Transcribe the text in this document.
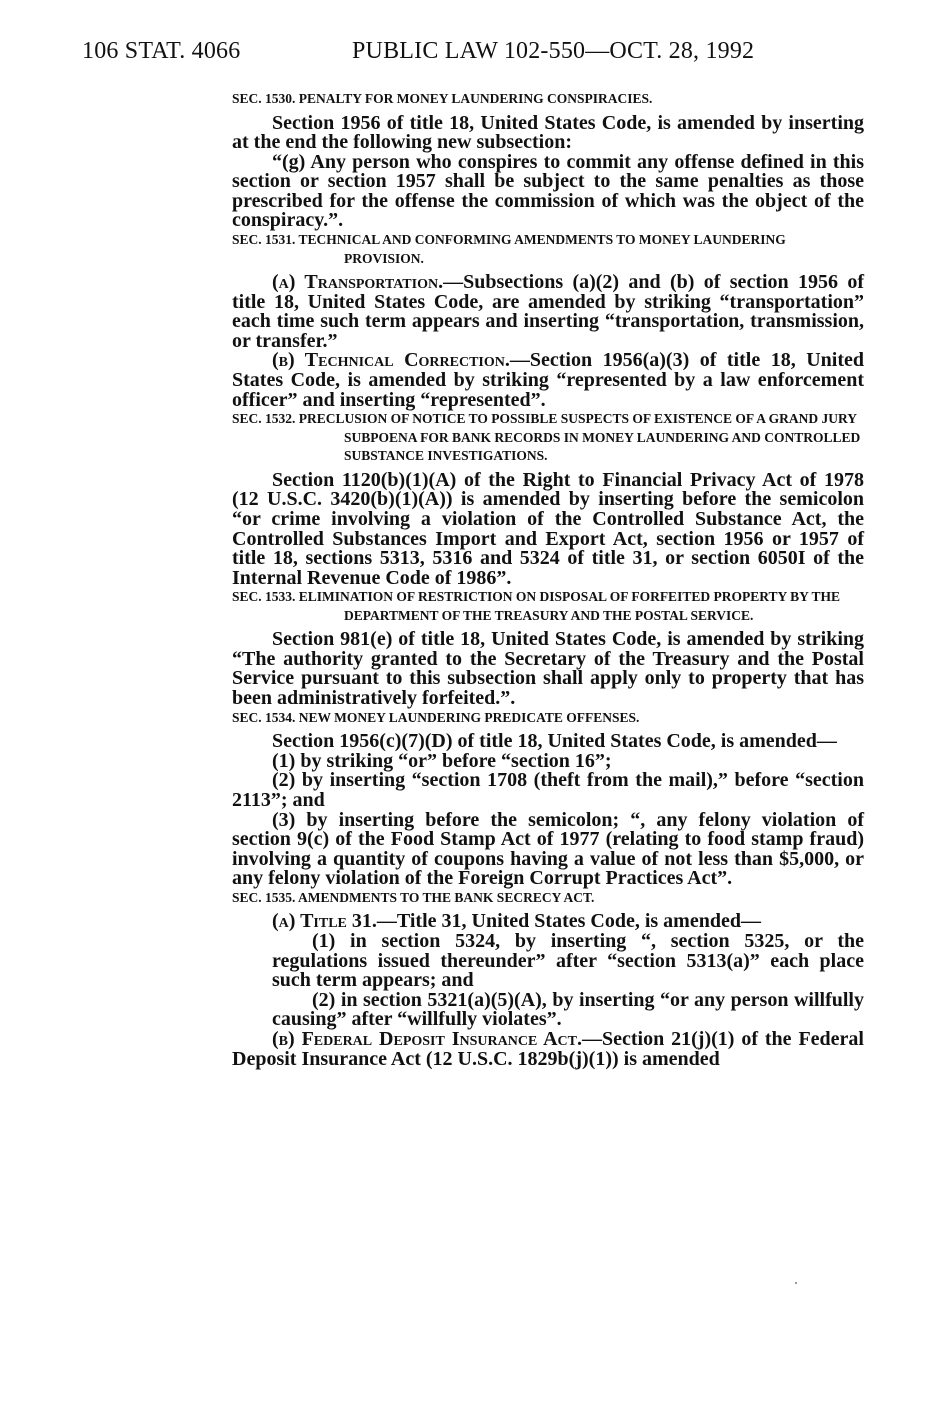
106 STAT. 4066	PUBLIC LAW 102-550—OCT. 28, 1992
SEC. 1530. PENALTY FOR MONEY LAUNDERING CONSPIRACIES.

Section 1956 of title 18, United States Code, is amended by inserting at the end the following new subsection:

“(g) Any person who conspires to commit any offense defined in this section or section 1957 shall be subject to the same penalties as those prescribed for the offense the commission of which was the object of the conspiracy.”.

SEC. 1531. TECHNICAL AND CONFORMING AMENDMENTS TO MONEY LAUNDERING PROVISION.

(a) Transportation.—Subsections (a)(2) and (b) of section 1956 of title 18, United States Code, are amended by striking “transportation” each time such term appears and inserting “transportation, transmission, or transfer.”

(b) Technical Correction.—Section 1956(a)(3) of title 18, United States Code, is amended by striking “represented by a law enforcement officer” and inserting “represented”.

SEC. 1532. PRECLUSION OF NOTICE TO POSSIBLE SUSPECTS OF EXISTENCE OF A GRAND JURY SUBPOENA FOR BANK RECORDS IN MONEY LAUNDERING AND CONTROLLED SUBSTANCE INVESTIGATIONS.

Section 1120(b)(1)(A) of the Right to Financial Privacy Act of 1978 (12 U.S.C. 3420(b)(1)(A)) is amended by inserting before the semicolon “or crime involving a violation of the Controlled Substance Act, the Controlled Substances Import and Export Act, section 1956 or 1957 of title 18, sections 5313, 5316 and 5324 of title 31, or section 6050I of the Internal Revenue Code of 1986”.

SEC. 1533. ELIMINATION OF RESTRICTION ON DISPOSAL OF FORFEITED PROPERTY BY THE DEPARTMENT OF THE TREASURY AND THE POSTAL SERVICE.

Section 981(e) of title 18, United States Code, is amended by striking “The authority granted to the Secretary of the Treasury and the Postal Service pursuant to this subsection shall apply only to property that has been administratively forfeited.”.

SEC. 1534. NEW MONEY LAUNDERING PREDICATE OFFENSES.

Section 1956(c)(7)(D) of title 18, United States Code, is amended—

(1) by striking “or” before “section 16”;

(2) by inserting “section 1708 (theft from the mail),” before “section 2113”; and

(3) by inserting before the semicolon; “, any felony violation of section 9(c) of the Food Stamp Act of 1977 (relating to food stamp fraud) involving a quantity of coupons having a value of not less than $5,000, or any felony violation of the Foreign Corrupt Practices Act”.

SEC. 1535. AMENDMENTS TO THE BANK SECRECY ACT.

(a) Title 31.—Title 31, United States Code, is amended—

(1) in section 5324, by inserting “, section 5325, or the regulations issued thereunder” after “section 5313(a)” each place such term appears; and

(2) in section 5321(a)(5)(A), by inserting “or any person willfully causing” after “willfully violates”.

(b) Federal Deposit Insurance Act.—Section 21(j)(1) of the Federal Deposit Insurance Act (12 U.S.C. 1829b(j)(1)) is amended
